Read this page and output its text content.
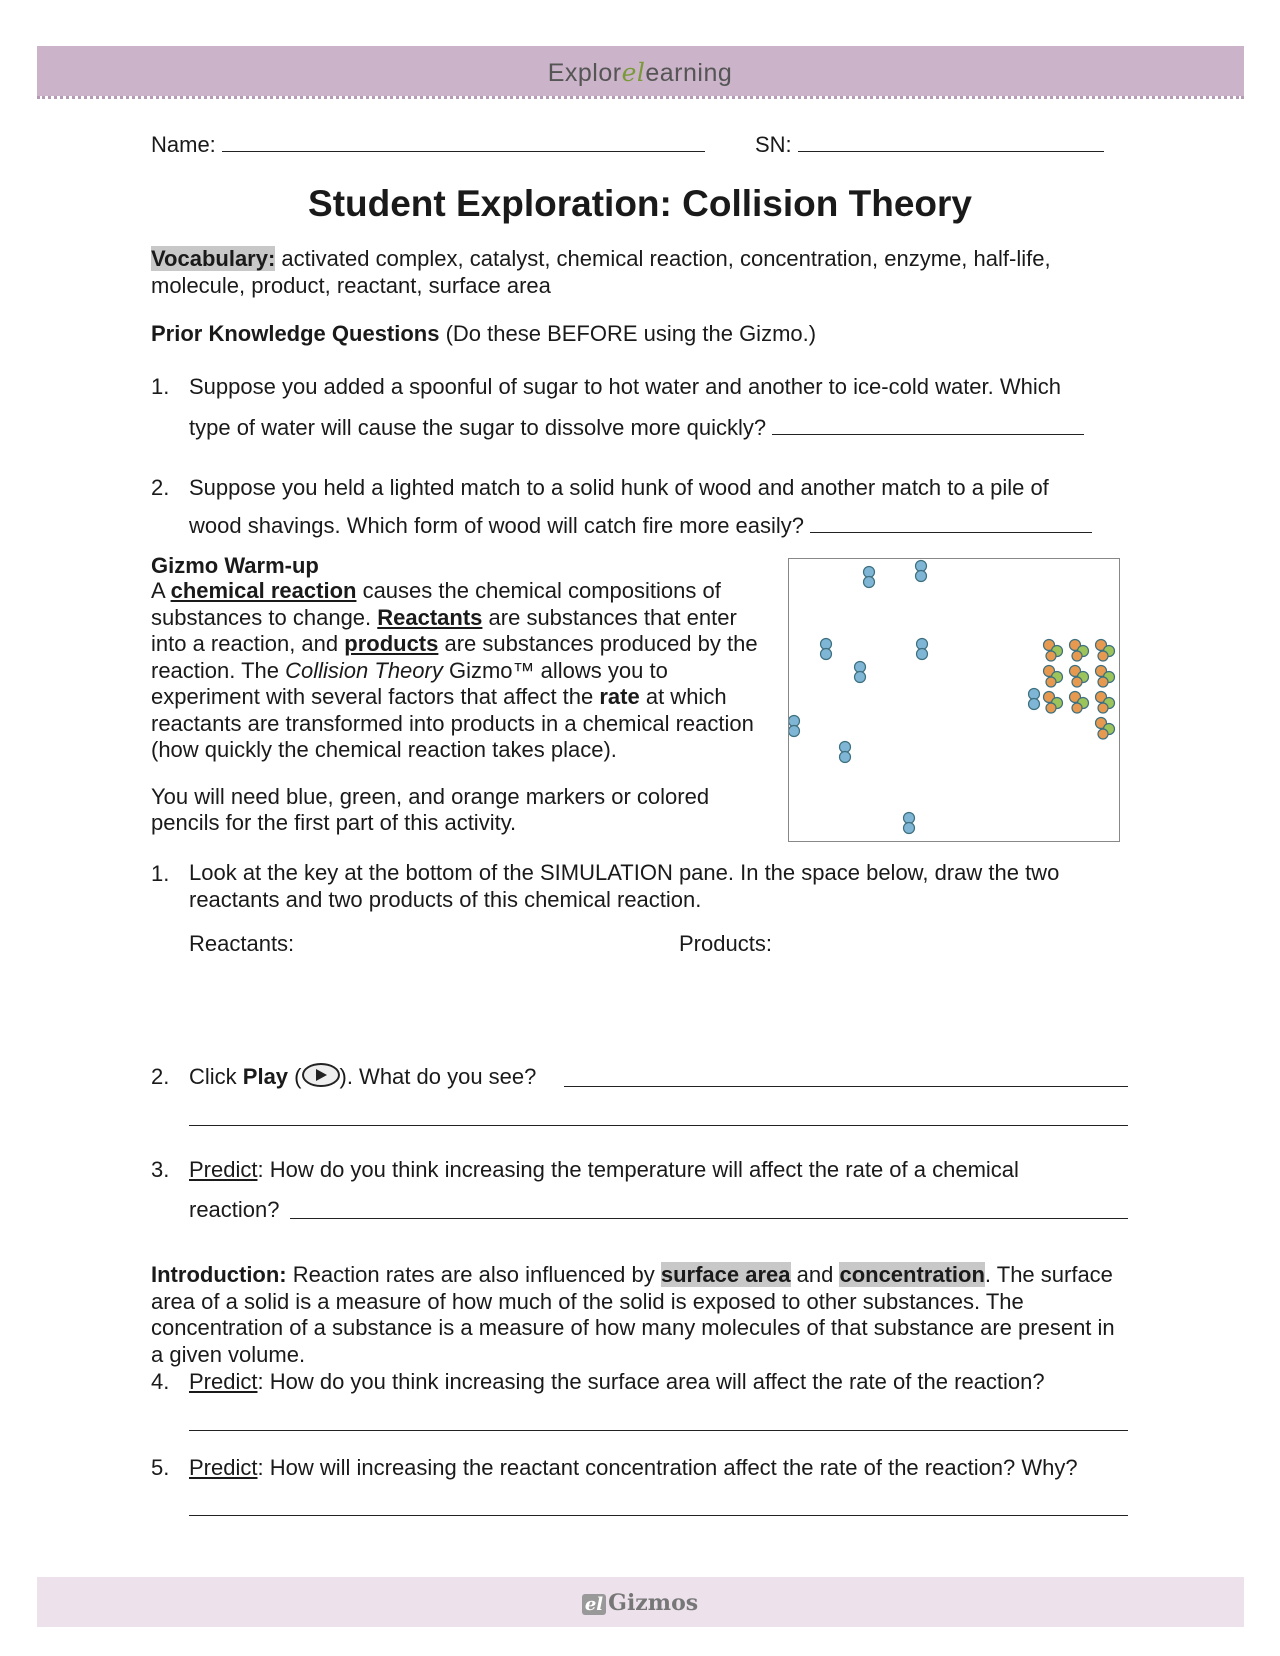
Explorelearning
Name:	SN:
Student Exploration: Collision Theory
Vocabulary: activated complex, catalyst, chemical reaction, concentration, enzyme, half-life, molecule, product, reactant, surface area
Prior Knowledge Questions (Do these BEFORE using the Gizmo.)
1. Suppose you added a spoonful of sugar to hot water and another to ice-cold water. Which
type of water will cause the sugar to dissolve more quickly?
2. Suppose you held a lighted match to a solid hunk of wood and another match to a pile of
wood shavings. Which form of wood will catch fire more easily?
Gizmo Warm-up
A chemical reaction causes the chemical compositions of substances to change. Reactants are substances that enter into a reaction, and products are substances produced by the reaction. The Collision Theory Gizmo™ allows you to experiment with several factors that affect the rate at which reactants are transformed into products in a chemical reaction (how quickly the chemical reaction takes place).
You will need blue, green, and orange markers or colored pencils for the first part of this activity.
1. Look at the key at the bottom of the SIMULATION pane. In the space below, draw the two reactants and two products of this chemical reaction.
Reactants:	Products:
2. Click Play ( ). What do you see?
3. Predict: How do you think increasing the temperature will affect the rate of a chemical
reaction?
Introduction: Reaction rates are also influenced by surface area and concentration. The surface area of a solid is a measure of how much of the solid is exposed to other substances. The concentration of a substance is a measure of how many molecules of that substance are present in a given volume.
4. Predict: How do you think increasing the surface area will affect the rate of the reaction?
5. Predict: How will increasing the reactant concentration affect the rate of the reaction? Why?
el Gizmos
